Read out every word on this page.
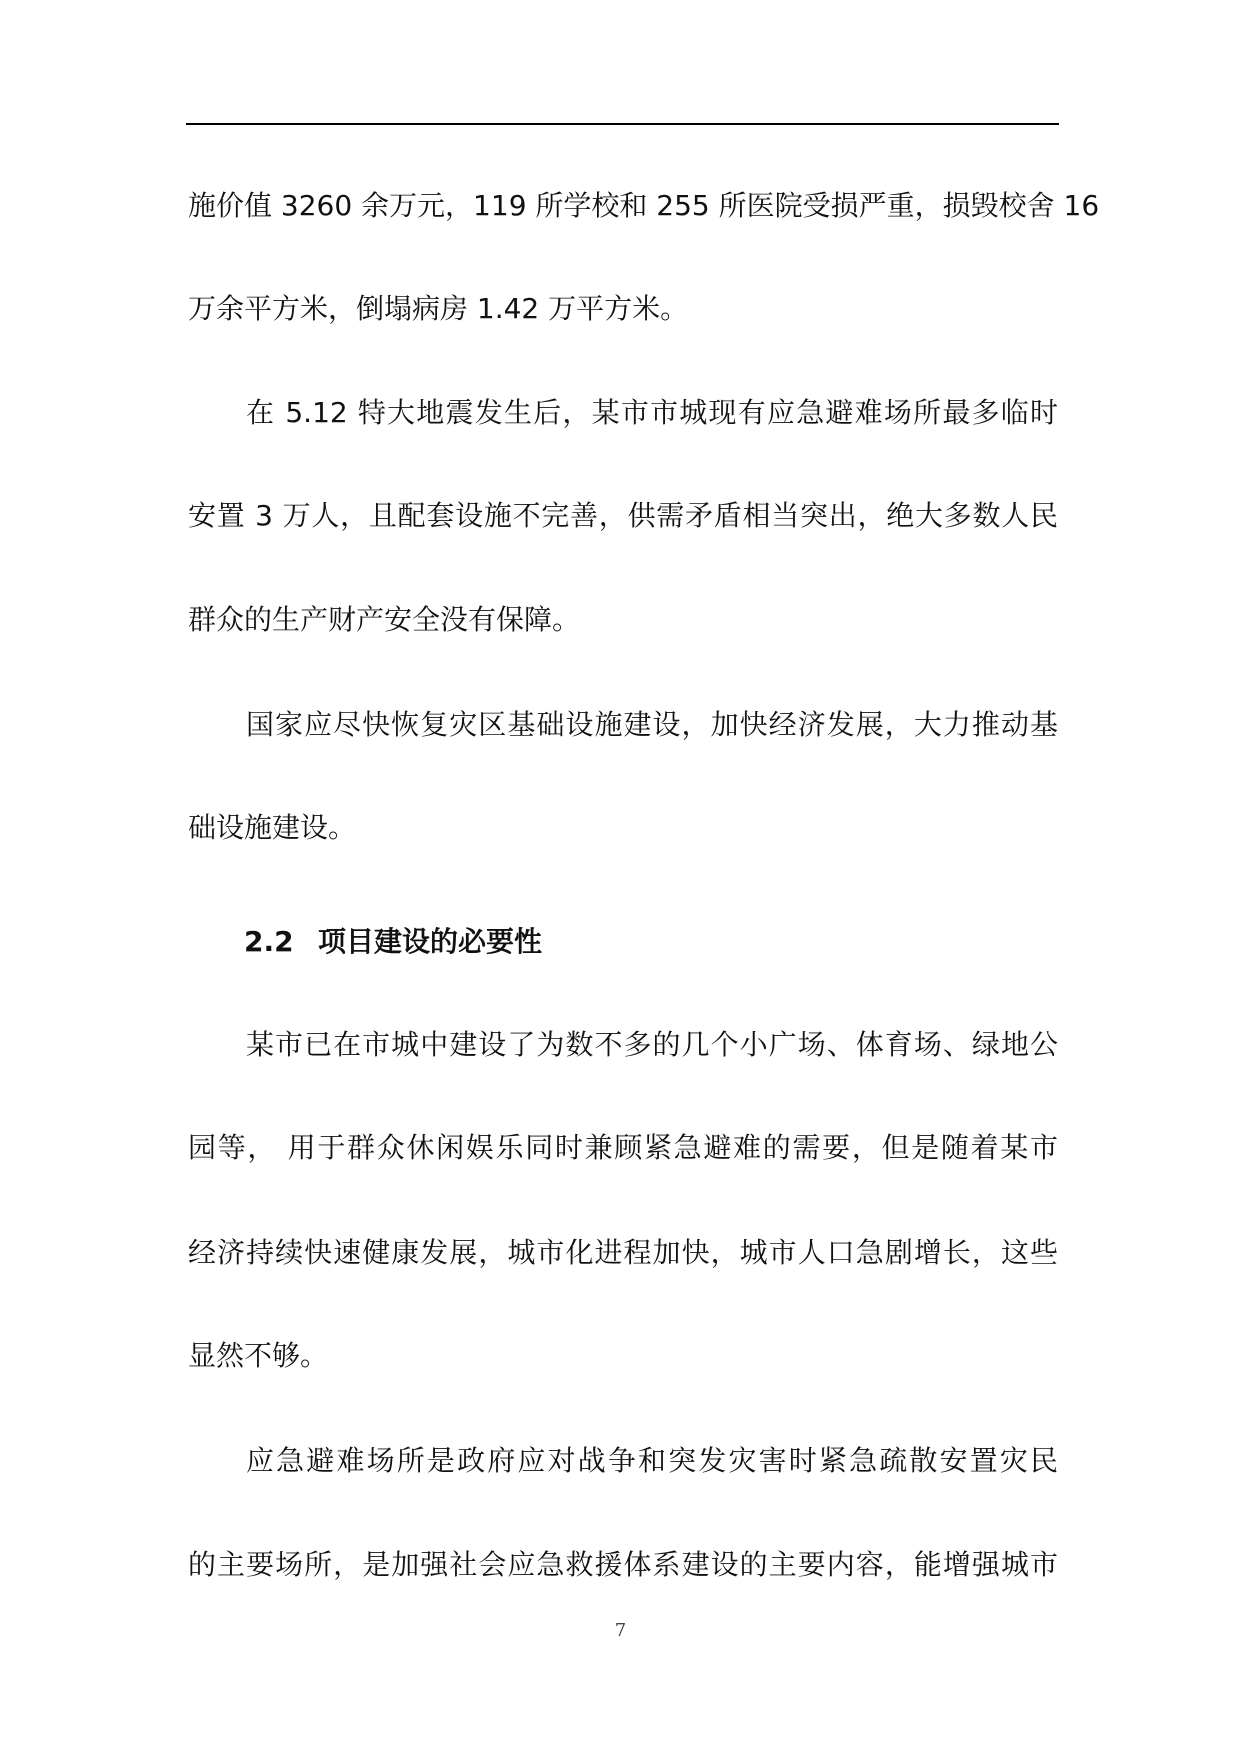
施价值 3260 余万元，119 所学校和 255 所医院受损严重，损毁校舍 16
万余平方米，倒塌病房 1.42 万平方米。
在 5.12 特大地震发生后，某市市城现有应急避难场所最多临时
安置 3 万人，且配套设施不完善，供需矛盾相当突出，绝大多数人民
群众的生产财产安全没有保障。
国家应尽快恢复灾区基础设施建设，加快经济发展，大力推动基
础设施建设。
2.2 项目建设的必要性
某市已在市城中建设了为数不多的几个小广场、体育场、绿地公
园等， 用于群众休闲娱乐同时兼顾紧急避难的需要，但是随着某市
经济持续快速健康发展，城市化进程加快，城市人口急剧增长，这些
显然不够。
应急避难场所是政府应对战争和突发灾害时紧急疏散安置灾民
的主要场所，是加强社会应急救援体系建设的主要内容，能增强城市
7
